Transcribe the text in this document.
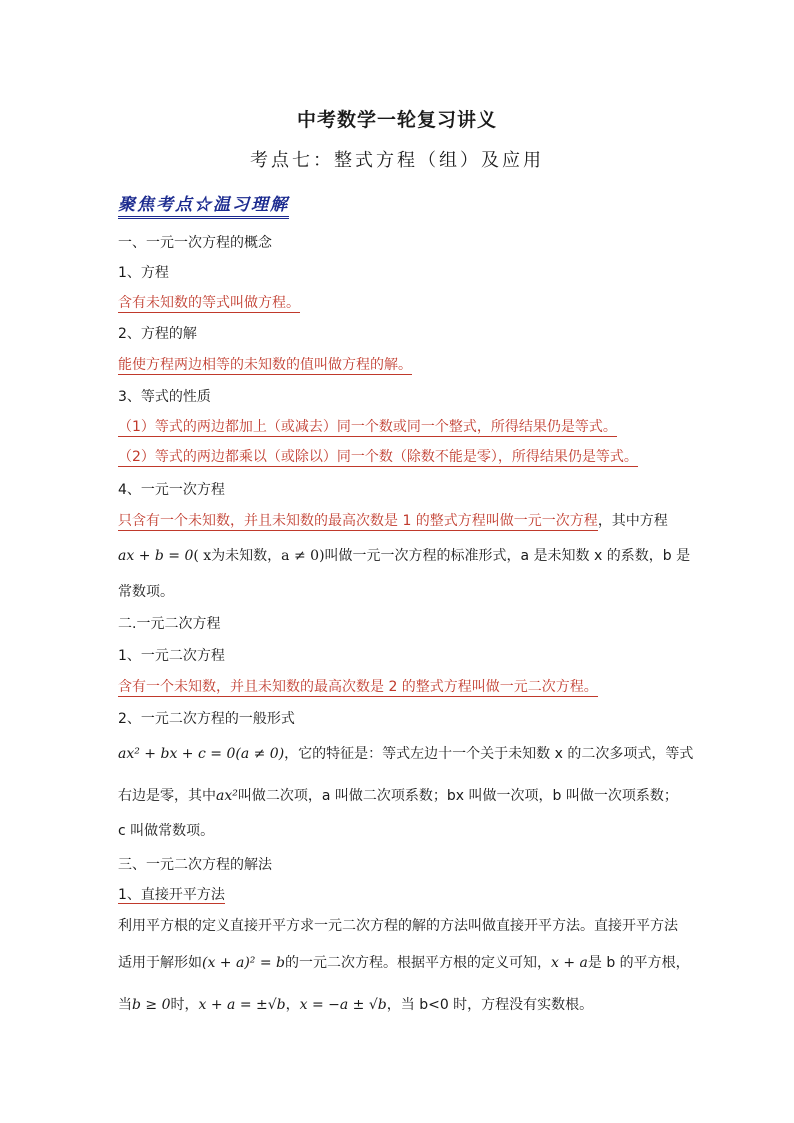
中考数学一轮复习讲义
考点七：整式方程（组）及应用
聚焦考点☆温习理解
一、一元一次方程的概念
1、方程
含有未知数的等式叫做方程。
2、方程的解
能使方程两边相等的未知数的值叫做方程的解。
3、等式的性质
（1）等式的两边都加上（或减去）同一个数或同一个整式，所得结果仍是等式。
（2）等式的两边都乘以（或除以）同一个数（除数不能是零），所得结果仍是等式。
4、一元一次方程
只含有一个未知数，并且未知数的最高次数是 1 的整式方程叫做一元一次方程，其中方程
ax + b = 0( x为未知数，a ≠ 0)叫做一元一次方程的标准形式，a 是未知数 x 的系数，b 是
常数项。
二.一元二次方程
1、一元二次方程
含有一个未知数，并且未知数的最高次数是 2 的整式方程叫做一元二次方程。
2、一元二次方程的一般形式
ax² + bx + c = 0(a ≠ 0)，它的特征是：等式左边十一个关于未知数 x 的二次多项式，等式
右边是零，其中ax²叫做二次项，a 叫做二次项系数；bx 叫做一次项，b 叫做一次项系数；
c 叫做常数项。
三、一元二次方程的解法
1、直接开平方法
利用平方根的定义直接开平方求一元二次方程的解的方法叫做直接开平方法。直接开平方法
适用于解形如(x + a)² = b的一元二次方程。根据平方根的定义可知，x + a是 b 的平方根，
当b ≥ 0时，x + a = ±√b，x = −a ± √b，当 b<0 时，方程没有实数根。
